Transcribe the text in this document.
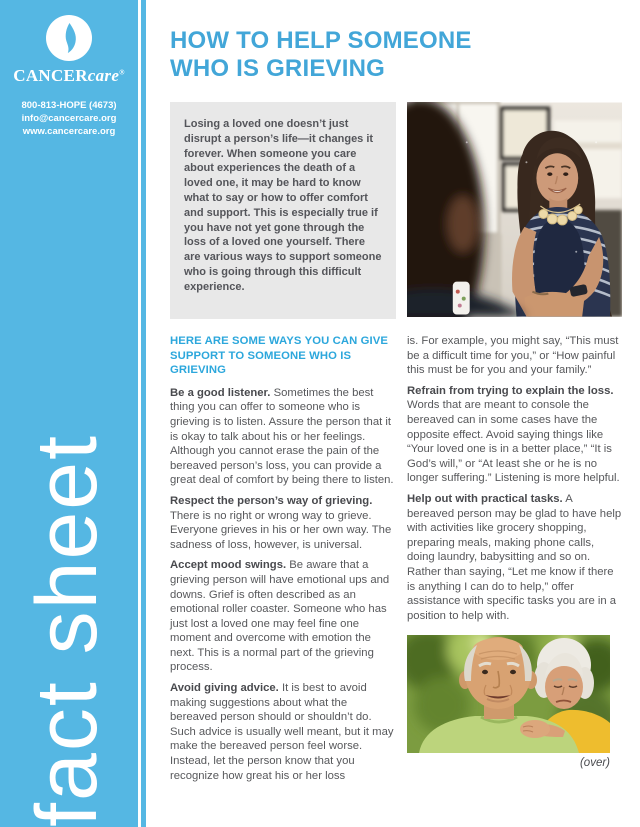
CANCERcare®
800-813-HOPE (4673)
info@cancercare.org
www.cancercare.org
fact sheet
HOW TO HELP SOMEONE
WHO IS GRIEVING
Losing a loved one doesn’t just disrupt a person’s life—it changes it forever. When someone you care about experiences the death of a loved one, it may be hard to know what to say or how to offer comfort and support. This is especially true if you have not yet gone through the loss of a loved one yourself. There are various ways to support someone who is going through this difficult experience.
HERE ARE SOME WAYS YOU CAN GIVE SUPPORT TO SOMEONE WHO IS GRIEVING

Be a good listener. Sometimes the best thing you can offer to someone who is grieving is to listen. Assure the person that it is okay to talk about his or her feelings. Although you cannot erase the pain of the bereaved person’s loss, you can provide a great deal of comfort by being there to listen.

Respect the person’s way of grieving. There is no right or wrong way to grieve. Everyone grieves in his or her own way. The sadness of loss, however, is universal.

Accept mood swings. Be aware that a grieving person will have emotional ups and downs. Grief is often described as an emotional roller coaster. Someone who has just lost a loved one may feel fine one moment and overcome with emotion the next. This is a normal part of the grieving process.

Avoid giving advice. It is best to avoid making suggestions about what the bereaved person should or shouldn’t do. Such advice is usually well meant, but it may make the bereaved person feel worse. Instead, let the person know that you recognize how great his or her loss

is. For example, you might say, “This must be a difficult time for you,” or “How painful this must be for you and your family.”

Refrain from trying to explain the loss. Words that are meant to console the bereaved can in some cases have the opposite effect. Avoid saying things like “Your loved one is in a better place,” “It is God’s will,” or “At least she or he is no longer suffering.” Listening is more helpful.

Help out with practical tasks. A bereaved person may be glad to have help with activities like grocery shopping, preparing meals, making phone calls, doing laundry, babysitting and so on. Rather than saying, “Let me know if there is anything I can do to help,” offer assistance with specific tasks you are in a position to help with.

(over)
